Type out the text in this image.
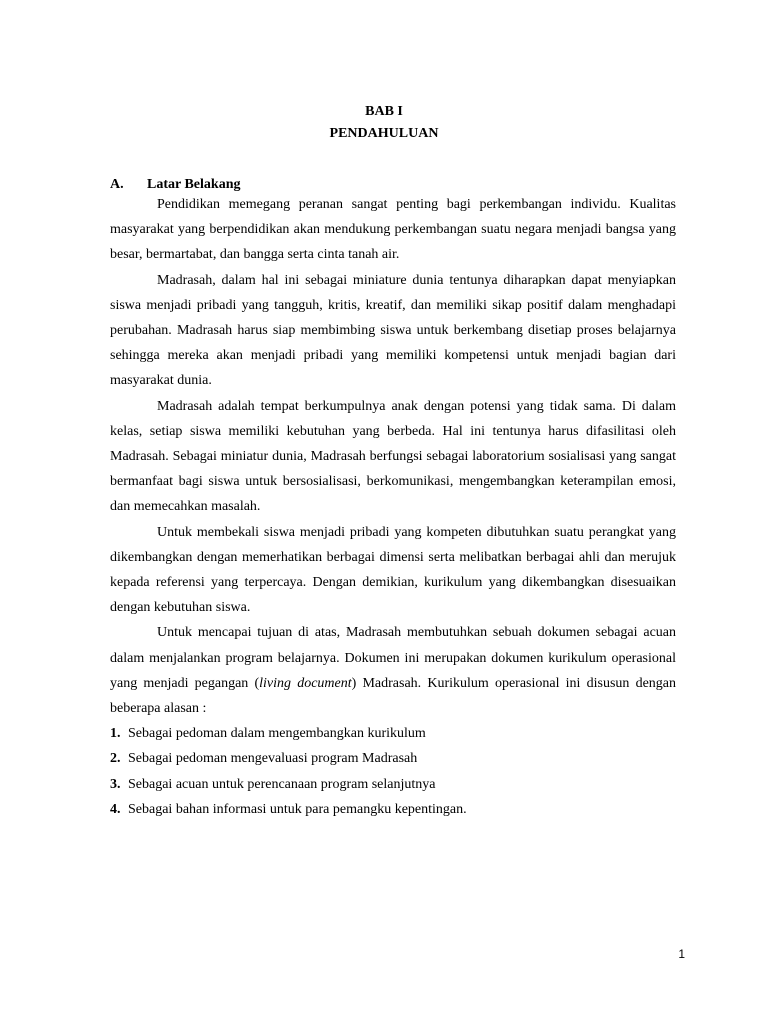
BAB I
PENDAHULUAN
A. Latar Belakang

Pendidikan memegang peranan sangat penting bagi perkembangan individu. Kualitas masyarakat yang berpendidikan akan mendukung perkembangan suatu negara menjadi bangsa yang besar, bermartabat, dan bangga serta cinta tanah air.

Madrasah, dalam hal ini sebagai miniature dunia tentunya diharapkan dapat menyiapkan siswa menjadi pribadi yang tangguh, kritis, kreatif, dan memiliki sikap positif dalam menghadapi perubahan. Madrasah harus siap membimbing siswa untuk berkembang disetiap proses belajarnya sehingga mereka akan menjadi pribadi yang memiliki kompetensi untuk menjadi bagian dari masyarakat dunia.

Madrasah adalah tempat berkumpulnya anak dengan potensi yang tidak sama. Di dalam kelas, setiap siswa memiliki kebutuhan yang berbeda. Hal ini tentunya harus difasilitasi oleh Madrasah. Sebagai miniatur dunia, Madrasah berfungsi sebagai laboratorium sosialisasi yang sangat bermanfaat bagi siswa untuk bersosialisasi, berkomunikasi, mengembangkan keterampilan emosi, dan memecahkan masalah.

Untuk membekali siswa menjadi pribadi yang kompeten dibutuhkan suatu perangkat yang dikembangkan dengan memerhatikan berbagai dimensi serta melibatkan berbagai ahli dan merujuk kepada referensi yang terpercaya. Dengan demikian, kurikulum yang dikembangkan disesuaikan dengan kebutuhan siswa.

Untuk mencapai tujuan di atas, Madrasah membutuhkan sebuah dokumen sebagai acuan dalam menjalankan program belajarnya. Dokumen ini merupakan dokumen kurikulum operasional yang menjadi pegangan (living document) Madrasah. Kurikulum operasional ini disusun dengan beberapa alasan :

1. Sebagai pedoman dalam mengembangkan kurikulum
2. Sebagai pedoman mengevaluasi program Madrasah
3. Sebagai acuan untuk perencanaan program selanjutnya
4. Sebagai bahan informasi untuk para pemangku kepentingan.
1
